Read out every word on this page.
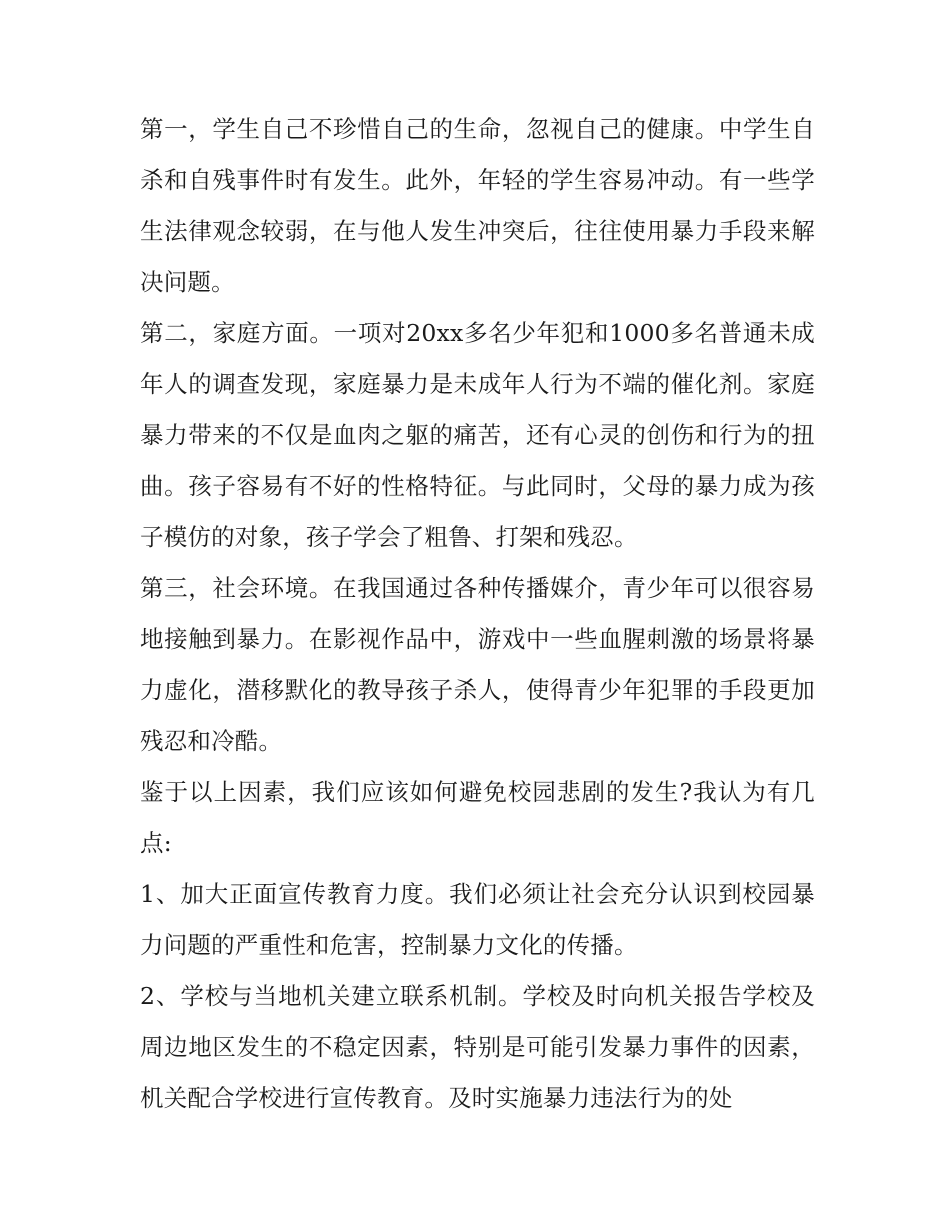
第一，学生自己不珍惜自己的生命，忽视自己的健康。中学生自杀和自残事件时有发生。此外，年轻的学生容易冲动。有一些学生法律观念较弱，在与他人发生冲突后，往往使用暴力手段来解决问题。

第二，家庭方面。一项对20xx多名少年犯和1000多名普通未成年人的调查发现，家庭暴力是未成年人行为不端的催化剂。家庭暴力带来的不仅是血肉之躯的痛苦，还有心灵的创伤和行为的扭曲。孩子容易有不好的性格特征。与此同时，父母的暴力成为孩子模仿的对象，孩子学会了粗鲁、打架和残忍。

第三，社会环境。在我国通过各种传播媒介，青少年可以很容易地接触到暴力。在影视作品中，游戏中一些血腥刺激的场景将暴力虚化，潜移默化的教导孩子杀人，使得青少年犯罪的手段更加残忍和冷酷。

鉴于以上因素，我们应该如何避免校园悲剧的发生?我认为有几点:

1、加大正面宣传教育力度。我们必须让社会充分认识到校园暴力问题的严重性和危害，控制暴力文化的传播。

2、学校与当地机关建立联系机制。学校及时向机关报告学校及周边地区发生的不稳定因素，特别是可能引发暴力事件的因素，机关配合学校进行宣传教育。及时实施暴力违法行为的处
